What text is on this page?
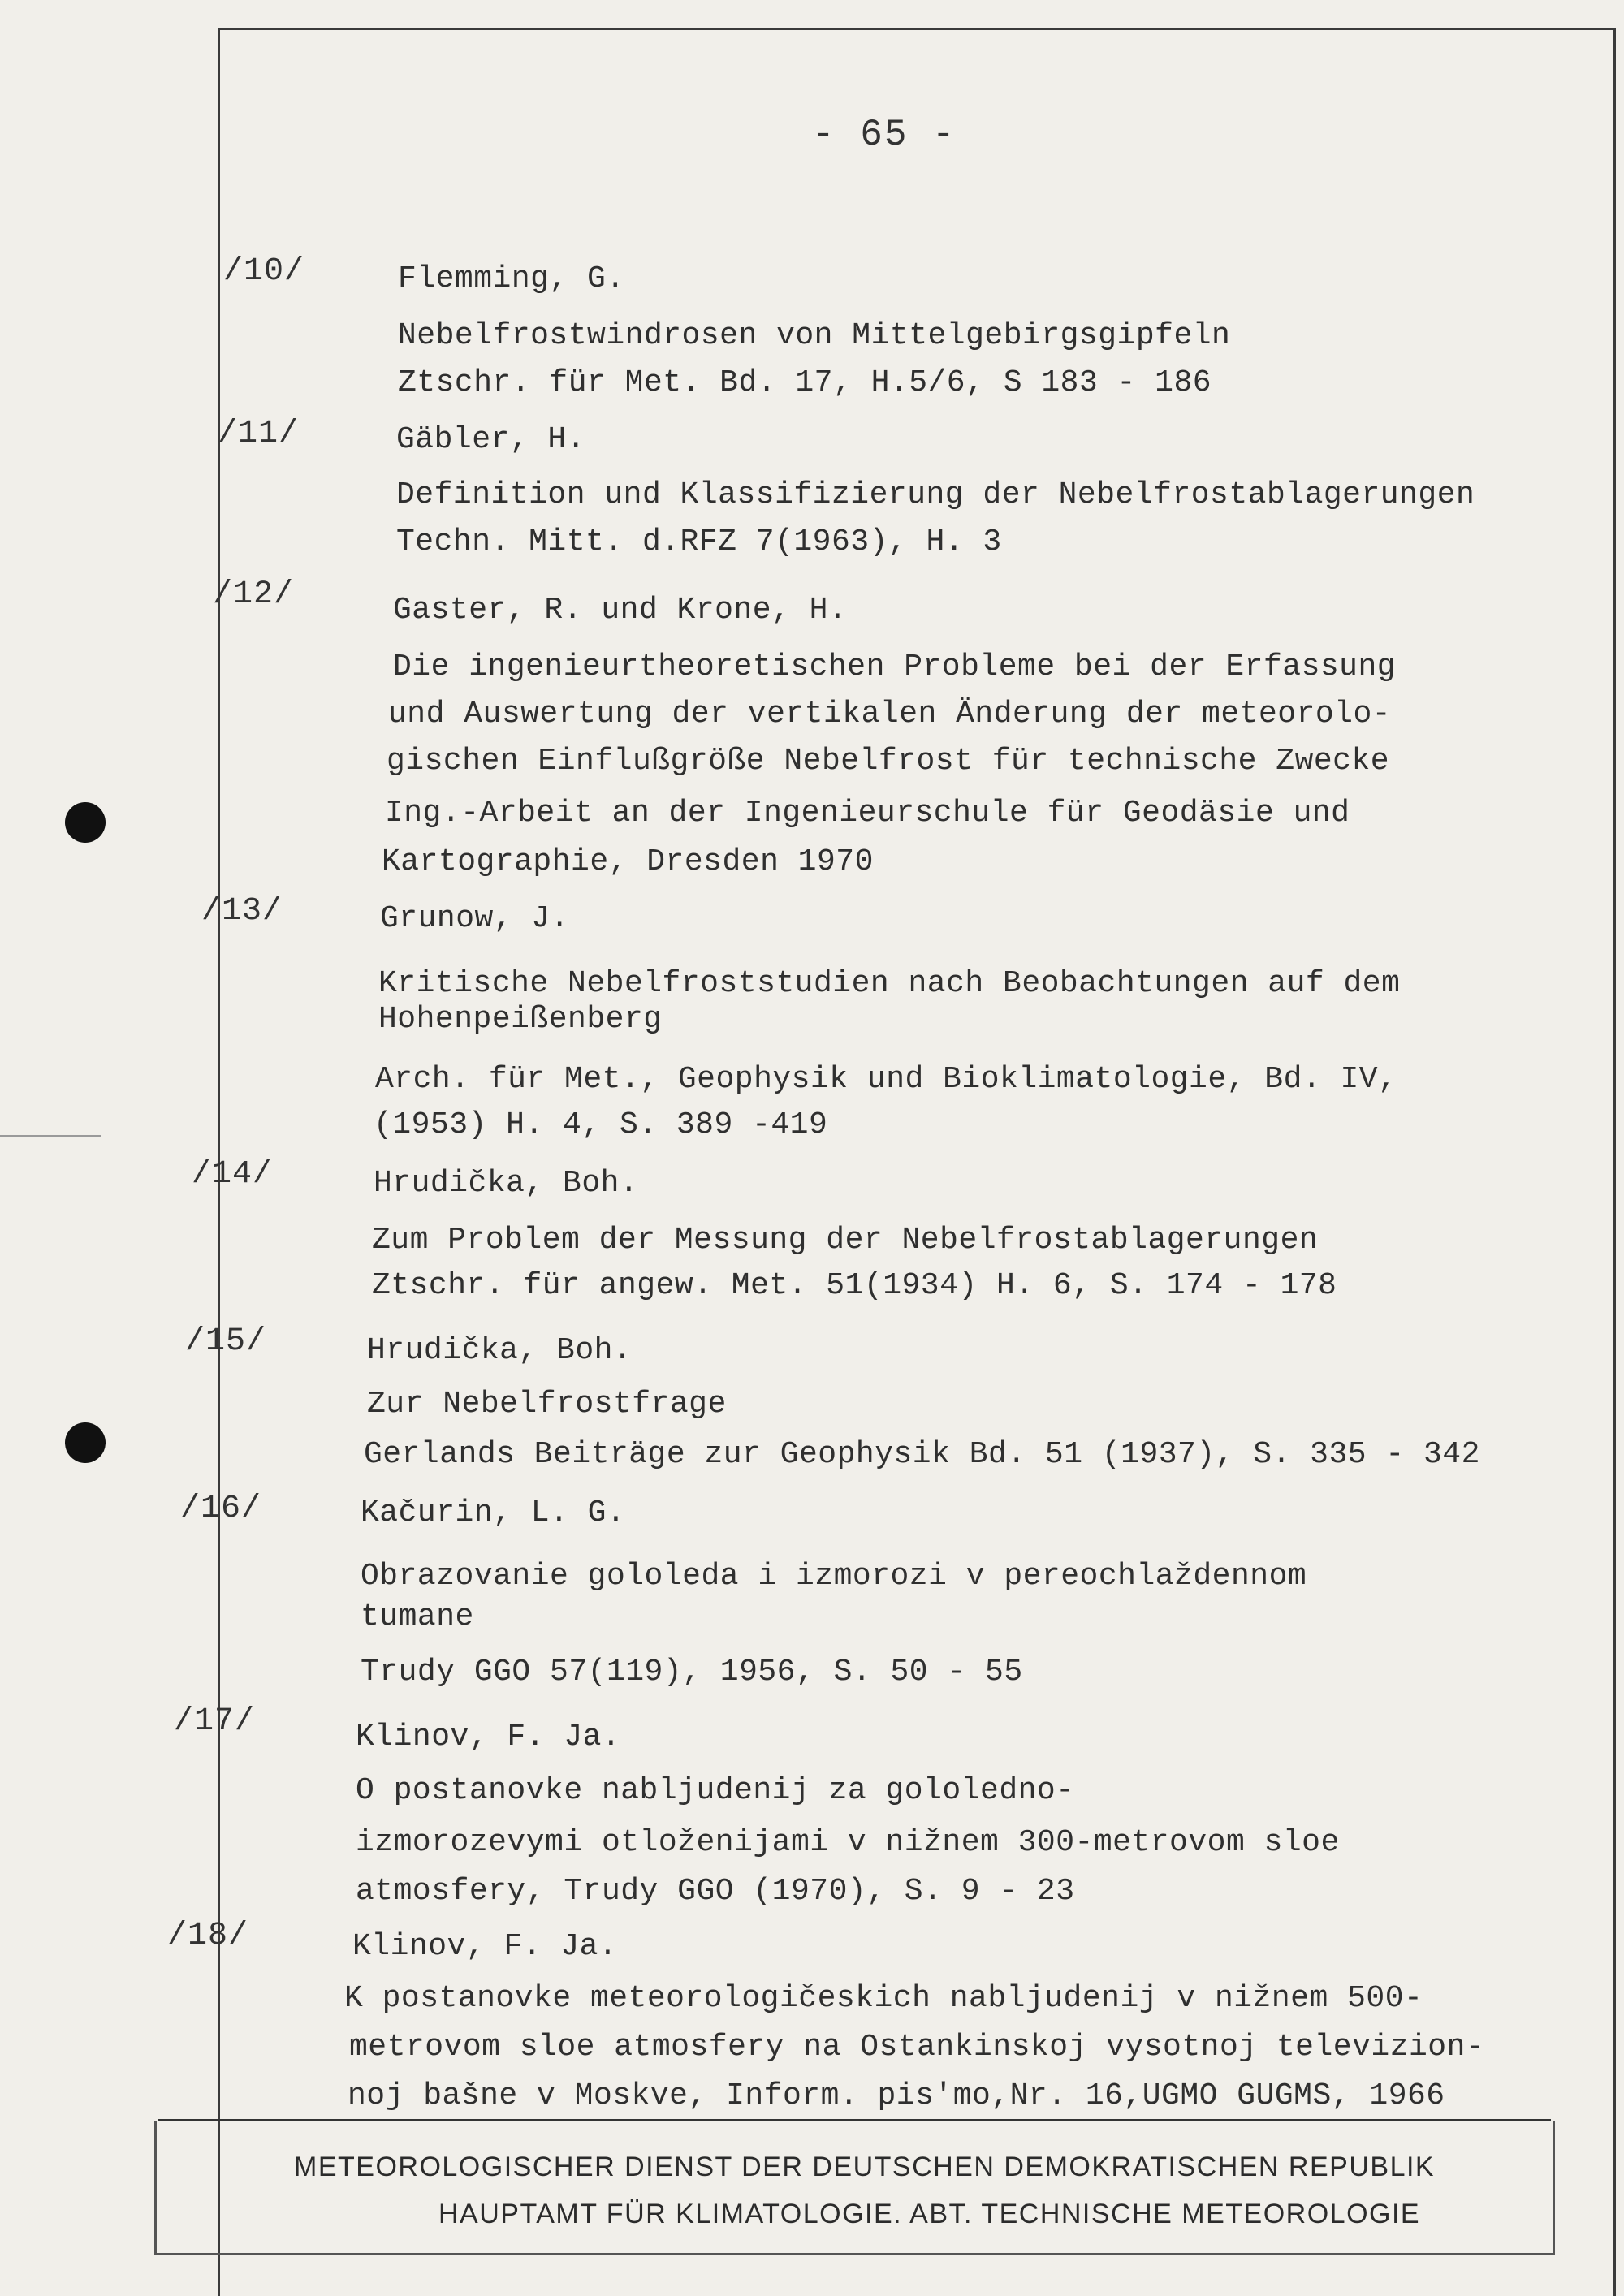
- 65 -
/10/	Flemming, G.
Nebelfrostwindrosen von Mittelgebirgsgipfeln
Ztschr. für Met. Bd. 17, H.5/6, S 183 - 186
/11/	Gäbler, H.
Definition und Klassifizierung der Nebelfrostablagerungen
Techn. Mitt. d.RFZ 7(1963), H. 3
/12/	Gaster, R. und Krone, H.
Die ingenieurtheoretischen Probleme bei der Erfassung
und Auswertung der vertikalen Änderung der meteorolo-
gischen Einflußgröße Nebelfrost für technische Zwecke
Ing.-Arbeit an der Ingenieurschule für Geodäsie und
Kartographie, Dresden 1970
/13/	Grunow, J.
Kritische Nebelfroststudien nach Beobachtungen auf dem
Hohenpeißenberg
Arch. für Met., Geophysik und Bioklimatologie, Bd. IV,
(1953) H. 4, S. 389 -419
/14/	Hrudička, Boh.
Zum Problem der Messung der Nebelfrostablagerungen
Ztschr. für angew. Met. 51(1934) H. 6, S. 174 - 178
/15/	Hrudička, Boh.
Zur Nebelfrostfrage
Gerlands Beiträge zur Geophysik Bd. 51 (1937), S. 335 - 342
/16/	Kačurin, L. G.
Obrazovanie gololeda i izmorozi v pereochlaždennom
tumane
Trudy GGO 57(119), 1956, S. 50 - 55
/17/	Klinov, F. Ja.
O postanovke nabljudenij za gololedno-
izmorozevymi otloženijami v nižnem 300-metrovom sloe
atmosfery, Trudy GGO (1970), S. 9 - 23
/18/	Klinov, F. Ja.
K postanovke meteorologičeskich nabljudenij v nižnem 500-
metrovom sloe atmosfery na Ostankinskoj vysotnoj televizion-
noj bašne v Moskve, Inform. pis'mo,Nr. 16,UGMO GUGMS, 1966
METEOROLOGISCHER DIENST DER DEUTSCHEN DEMOKRATISCHEN REPUBLIK
HAUPTAMT FÜR KLIMATOLOGIE. ABT. TECHNISCHE METEOROLOGIE
